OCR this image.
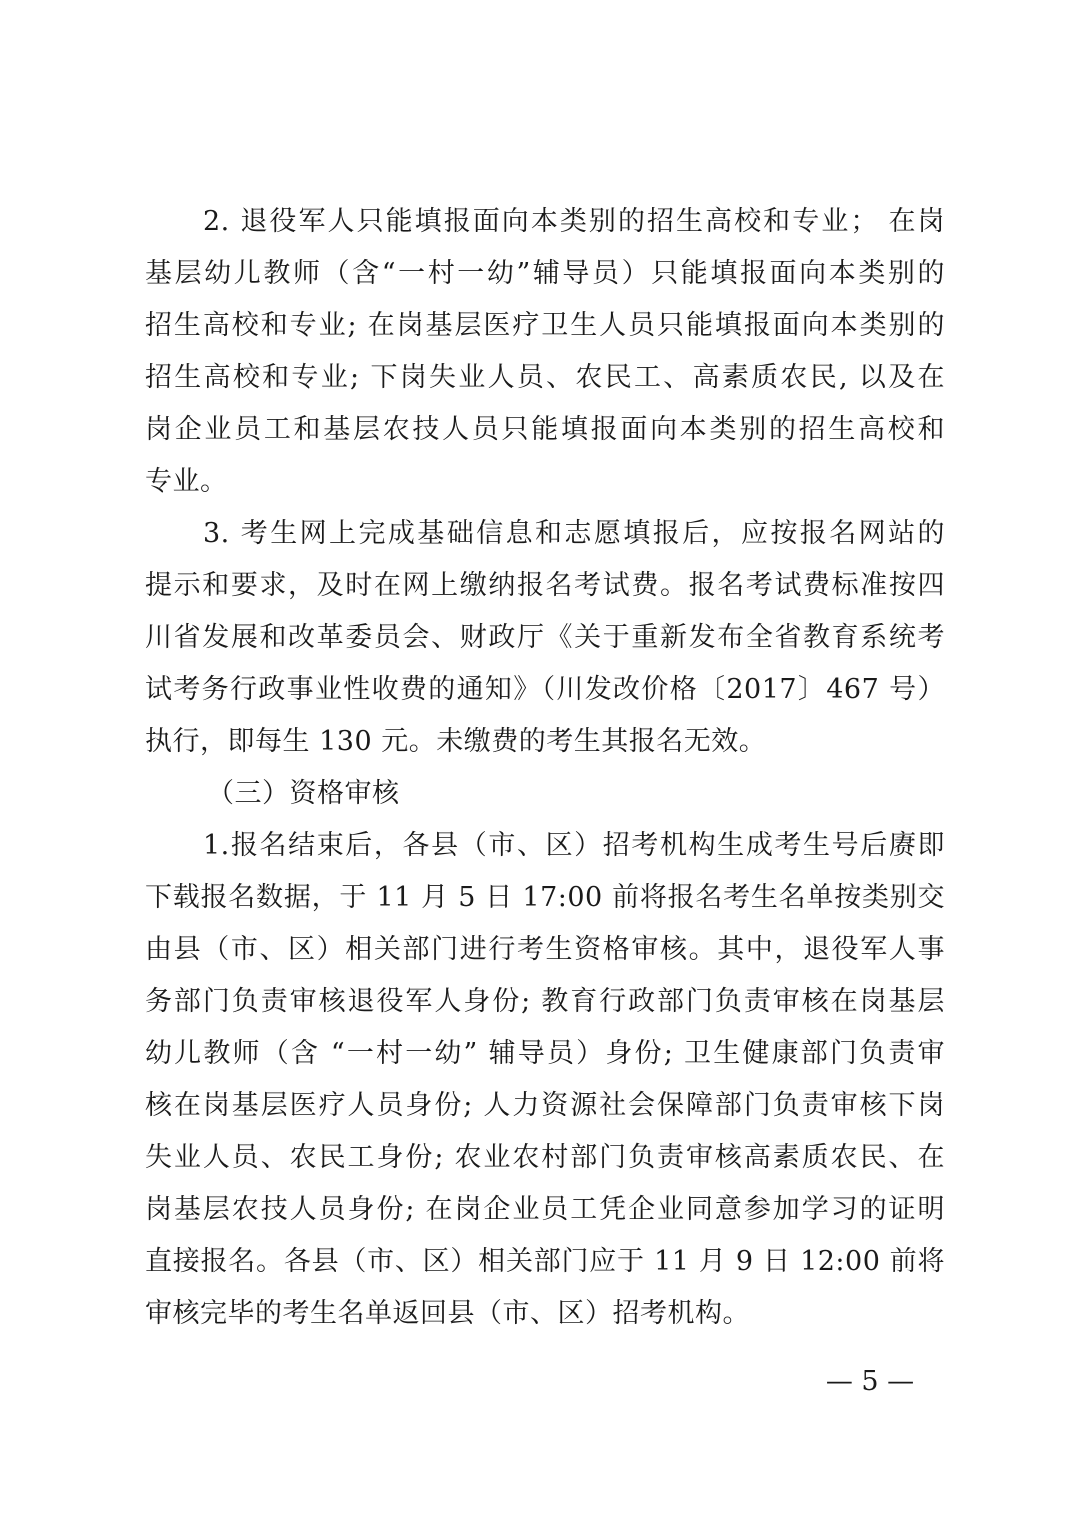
2. 退役军人只能填报面向本类别的招生高校和专业； 在岗
基层幼儿教师（含“一村一幼”辅导员）只能填报面向本类别的
招生高校和专业; 在岗基层医疗卫生人员只能填报面向本类别的
招生高校和专业; 下岗失业人员、农民工、高素质农民, 以及在
岗企业员工和基层农技人员只能填报面向本类别的招生高校和
专业。
3. 考生网上完成基础信息和志愿填报后，应按报名网站的
提示和要求，及时在网上缴纳报名考试费。报名考试费标准按四
川省发展和改革委员会、财政厅《关于重新发布全省教育系统考
试考务行政事业性收费的通知》（川发改价格〔2017〕467 号）
执行，即每生 130 元。未缴费的考生其报名无效。
（三）资格审核
1.报名结束后，各县（市、区）招考机构生成考生号后赓即
下载报名数据，于 11 月 5 日 17:00 前将报名考生名单按类别交
由县（市、区）相关部门进行考生资格审核。其中，退役军人事
务部门负责审核退役军人身份; 教育行政部门负责审核在岗基层
幼儿教师（含 “一村一幼” 辅导员）身份; 卫生健康部门负责审
核在岗基层医疗人员身份; 人力资源社会保障部门负责审核下岗
失业人员、农民工身份; 农业农村部门负责审核高素质农民、在
岗基层农技人员身份; 在岗企业员工凭企业同意参加学习的证明
直接报名。各县（市、区）相关部门应于 11 月 9 日 12:00 前将
审核完毕的考生名单返回县（市、区）招考机构。
— 5 —
